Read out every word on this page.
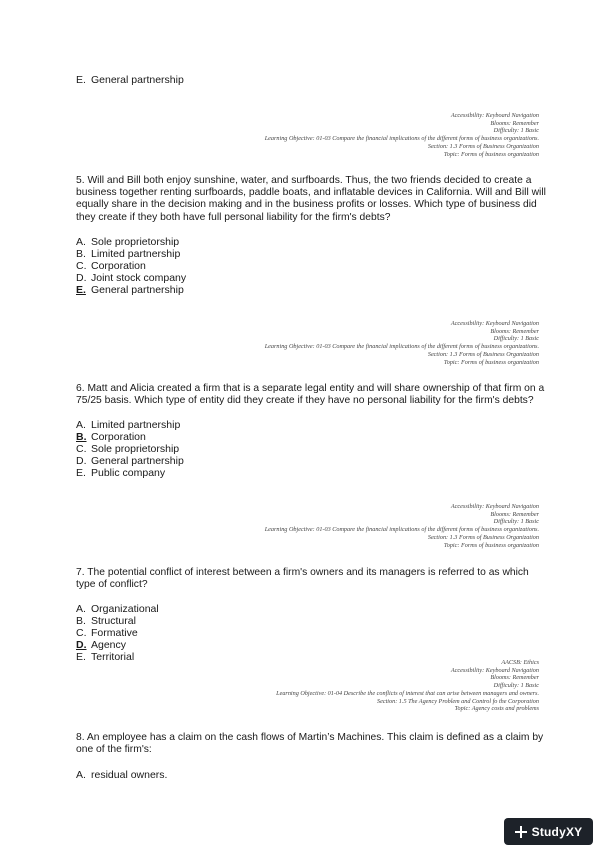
E. General partnership
Accessibility: Keyboard Navigation
Blooms: Remember
Difficulty: 1 Basic
Learning Objective: 01-03 Compare the financial implications of the different forms of business organizations.
Section: 1.3 Forms of Business Organization
Topic: Forms of business organization
5. Will and Bill both enjoy sunshine, water, and surfboards. Thus, the two friends decided to create a business together renting surfboards, paddle boats, and inflatable devices in California. Will and Bill will equally share in the decision making and in the business profits or losses. Which type of business did they create if they both have full personal liability for the firm's debts?
A. Sole proprietorship
B. Limited partnership
C. Corporation
D. Joint stock company
E. General partnership
Accessibility: Keyboard Navigation
Blooms: Remember
Difficulty: 1 Basic
Learning Objective: 01-03 Compare the financial implications of the different forms of business organizations.
Section: 1.3 Forms of Business Organization
Topic: Forms of business organization
6. Matt and Alicia created a firm that is a separate legal entity and will share ownership of that firm on a 75/25 basis. Which type of entity did they create if they have no personal liability for the firm's debts?
A. Limited partnership
B. Corporation
C. Sole proprietorship
D. General partnership
E. Public company
Accessibility: Keyboard Navigation
Blooms: Remember
Difficulty: 1 Basic
Learning Objective: 01-03 Compare the financial implications of the different forms of business organizations.
Section: 1.3 Forms of Business Organization
Topic: Forms of business organization
7. The potential conflict of interest between a firm's owners and its managers is referred to as which type of conflict?
A. Organizational
B. Structural
C. Formative
D. Agency
E. Territorial	AACSB: Ethics
Accessibility: Keyboard Navigation
Blooms: Remember
Difficulty: 1 Basic
Learning Objective: 01-04 Describe the conflicts of interest that can arise between managers and owners.
Section: 1.5 The Agency Problem and Control fo the Corporation
Topic: Agency costs and problems
8. An employee has a claim on the cash flows of Martin’s Machines. This claim is defined as a claim by one of the firm's:
A. residual owners.
StudyXY
